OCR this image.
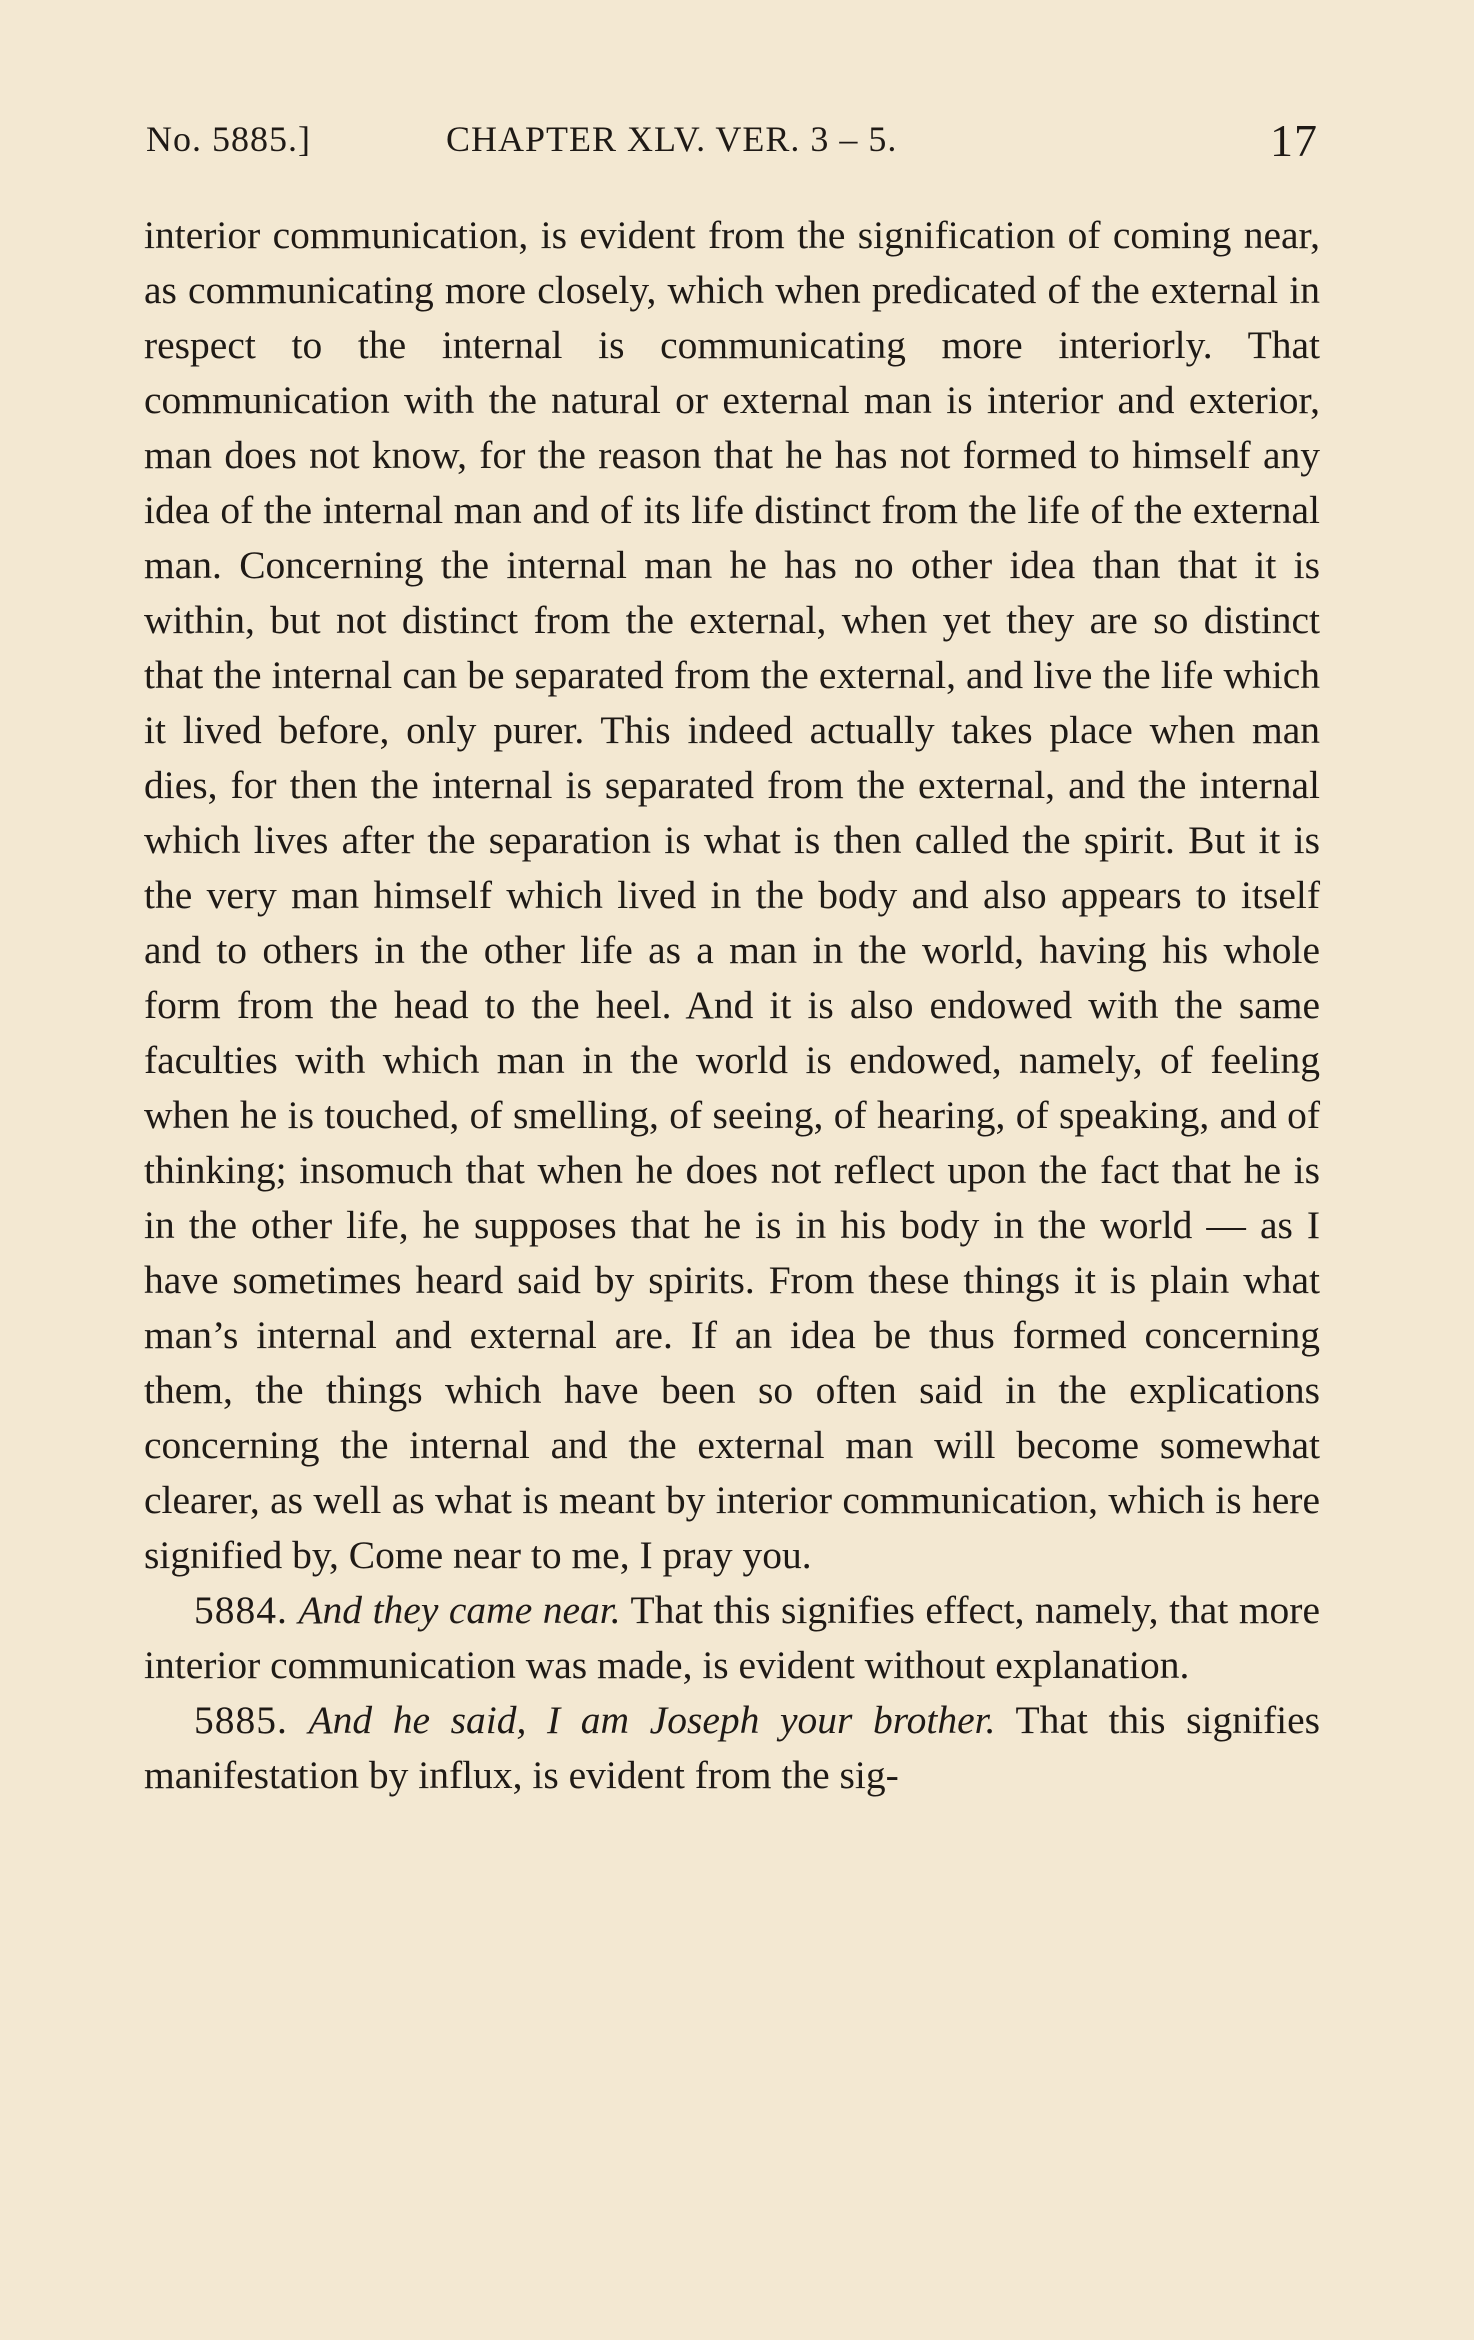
No. 5885.]	CHAPTER XLV. VER. 3 – 5.	17

interior communication, is evident from the signification of coming near, as communicating more closely, which when predicated of the external in respect to the internal is communicating more interiorly. That communication with the natural or external man is interior and exterior, man does not know, for the reason that he has not formed to himself any idea of the internal man and of its life distinct from the life of the external man. Concerning the internal man he has no other idea than that it is within, but not distinct from the external, when yet they are so distinct that the internal can be separated from the external, and live the life which it lived before, only purer. This indeed actually takes place when man dies, for then the internal is separated from the external, and the internal which lives after the separation is what is then called the spirit. But it is the very man himself which lived in the body and also appears to itself and to others in the other life as a man in the world, having his whole form from the head to the heel. And it is also endowed with the same faculties with which man in the world is endowed, namely, of feeling when he is touched, of smelling, of seeing, of hearing, of speaking, and of thinking; insomuch that when he does not reflect upon the fact that he is in the other life, he supposes that he is in his body in the world — as I have sometimes heard said by spirits. From these things it is plain what man’s internal and external are. If an idea be thus formed concerning them, the things which have been so often said in the explications concerning the internal and the external man will become somewhat clearer, as well as what is meant by interior communication, which is here signified by, Come near to me, I pray you.

5884. And they came near. That this signifies effect, namely, that more interior communication was made, is evident without explanation.

5885. And he said, I am Joseph your brother. That this signifies manifestation by influx, is evident from the sig-
